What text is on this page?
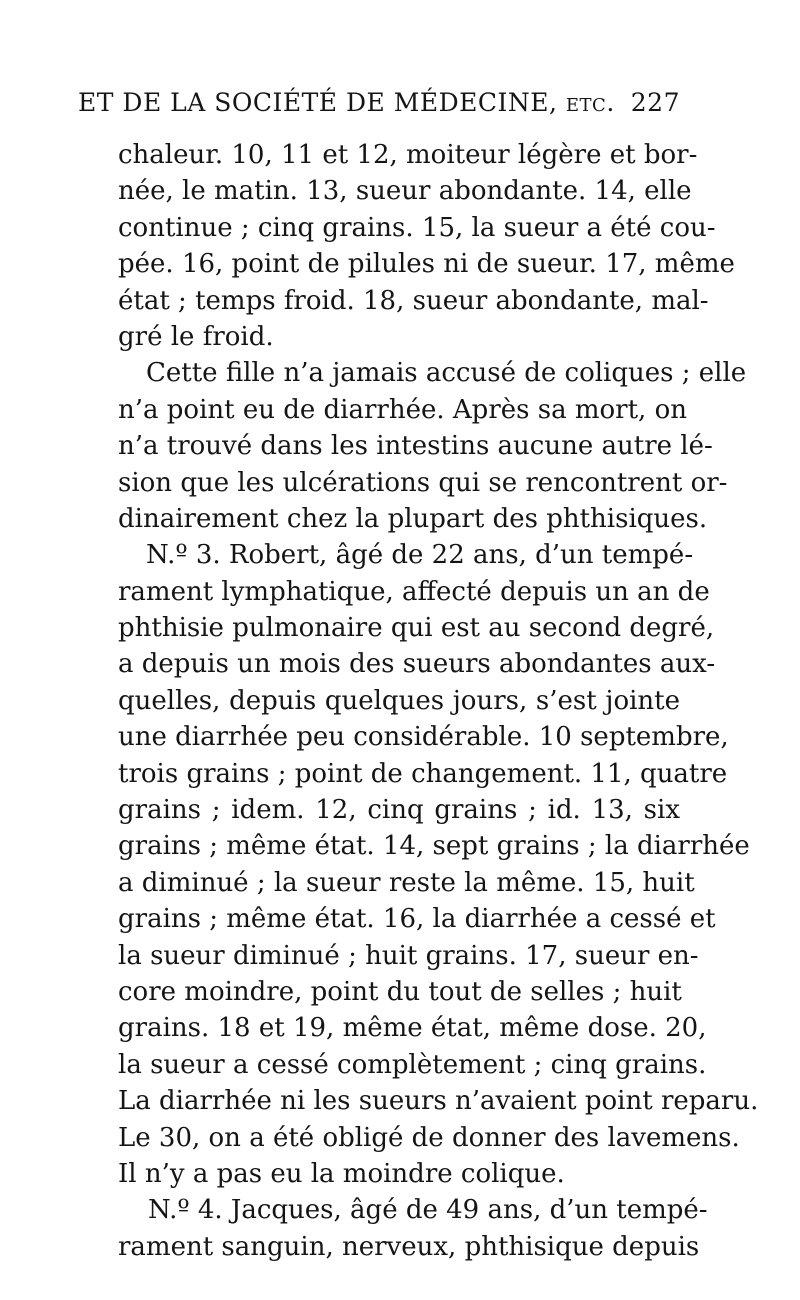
ET DE LA SOCIÉTÉ DE MÉDECINE, etc. 227
chaleur. 10, 11 et 12, moiteur légère et bor-
née, le matin. 13, sueur abondante. 14, elle
continue ; cinq grains. 15, la sueur a été cou-
pée. 16, point de pilules ni de sueur. 17, même
état ; temps froid. 18, sueur abondante, mal-
gré le froid.
Cette fille n’a jamais accusé de coliques ; elle
n’a point eu de diarrhée. Après sa mort, on
n’a trouvé dans les intestins aucune autre lé-
sion que les ulcérations qui se rencontrent or-
dinairement chez la plupart des phthisiques.
N.º 3. Robert, âgé de 22 ans, d’un tempé-
rament lymphatique, affecté depuis un an de
phthisie pulmonaire qui est au second degré,
a depuis un mois des sueurs abondantes aux-
quelles, depuis quelques jours, s’est jointe
une diarrhée peu considérable. 10 septembre,
trois grains ; point de changement. 11, quatre
grains ; idem. 12, cinq grains ; id. 13, six
grains ; même état. 14, sept grains ; la diarrhée
a diminué ; la sueur reste la même. 15, huit
grains ; même état. 16, la diarrhée a cessé et
la sueur diminué ; huit grains. 17, sueur en-
core moindre, point du tout de selles ; huit
grains. 18 et 19, même état, même dose. 20,
la sueur a cessé complètement ; cinq grains.
La diarrhée ni les sueurs n’avaient point reparu.
Le 30, on a été obligé de donner des lavemens.
Il n’y a pas eu la moindre colique.
N.º 4. Jacques, âgé de 49 ans, d’un tempé-
rament sanguin, nerveux, phthisique depuis
